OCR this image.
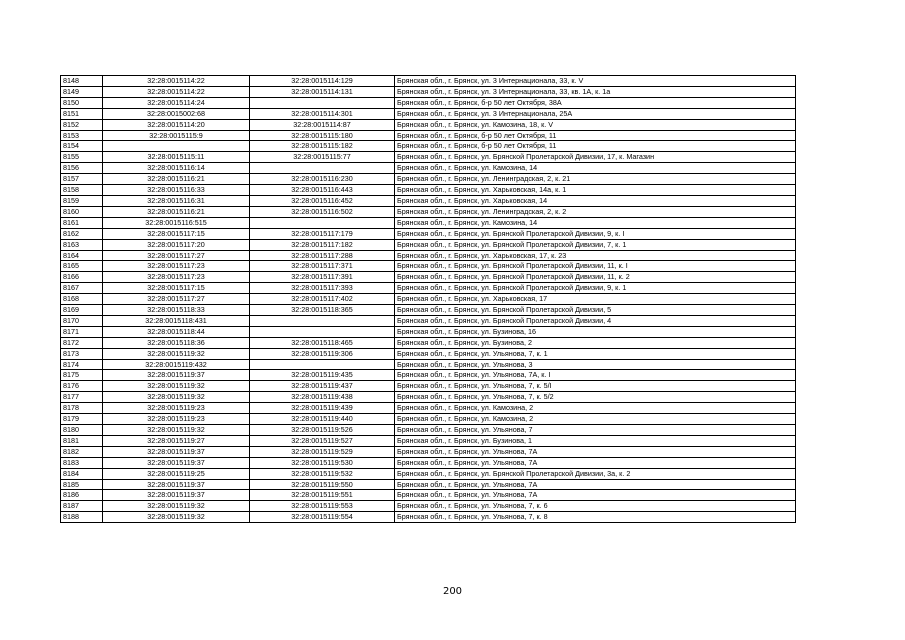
8148	32:28:0015114:22	32:28:0015114:129	Брянская обл., г. Брянск, ул. 3 Интернационала, 33, к. V
8149	32:28:0015114:22	32:28:0015114:131	Брянская обл., г. Брянск, ул. 3 Интернационала, 33, кв. 1А, к. 1а
8150	32:28:0015114:24		Брянская обл., г. Брянск, б-р 50 лет Октября, 38А
8151	32:28:0015002:68	32:28:0015114:301	Брянская обл., г. Брянск, ул. 3 Интернационала, 25А
8152	32:28:0015114:20	32:28:0015114:87	Брянская обл., г. Брянск, ул. Камозина, 18, к. V
8153	32:28:0015115:9	32:28:0015115:180	Брянская обл., г. Брянск, б-р 50 лет Октября, 11
8154		32:28:0015115:182	Брянская обл., г. Брянск, б-р 50 лет Октября, 11
8155	32:28:0015115:11	32:28:0015115:77	Брянская обл., г. Брянск, ул. Брянской Пролетарской Дивизии, 17, к. Магазин
8156	32:28:0015116:14		Брянская обл., г. Брянск, ул. Камозина, 14
8157	32:28:0015116:21	32:28:0015116:230	Брянская обл., г. Брянск, ул. Ленинградская, 2, к. 21
8158	32:28:0015116:33	32:28:0015116:443	Брянская обл., г. Брянск, ул. Харьковская, 14а, к. 1
8159	32:28:0015116:31	32:28:0015116:452	Брянская обл., г. Брянск, ул. Харьковская, 14
8160	32:28:0015116:21	32:28:0015116:502	Брянская обл., г. Брянск, ул. Ленинградская, 2, к. 2
8161	32:28:0015116:515		Брянская обл., г. Брянск, ул. Камозина, 14
8162	32:28:0015117:15	32:28:0015117:179	Брянская обл., г. Брянск, ул. Брянской Пролетарской Дивизии, 9, к. I
8163	32:28:0015117:20	32:28:0015117:182	Брянская обл., г. Брянск, ул. Брянской Пролетарской Дивизии, 7, к. 1
8164	32:28:0015117:27	32:28:0015117:288	Брянская обл., г. Брянск, ул. Харьковская, 17, к. 23
8165	32:28:0015117:23	32:28:0015117:371	Брянская обл., г. Брянск, ул. Брянской Пролетарской Дивизии, 11, к. I
8166	32:28:0015117:23	32:28:0015117:391	Брянская обл., г. Брянск, ул. Брянской Пролетарской Дивизии, 11, к. 2
8167	32:28:0015117:15	32:28:0015117:393	Брянская обл., г. Брянск, ул. Брянской Пролетарской Дивизии, 9, к. 1
8168	32:28:0015117:27	32:28:0015117:402	Брянская обл., г. Брянск, ул. Харьковская, 17
8169	32:28:0015118:33	32:28:0015118:365	Брянская обл., г. Брянск, ул. Брянской Пролетарской Дивизии, 5
8170	32:28:0015118:431		Брянская обл., г. Брянск, ул. Брянской Пролетарской Дивизии, 4
8171	32:28:0015118:44		Брянская обл., г. Брянск, ул. Бузинова, 16
8172	32:28:0015118:36	32:28:0015118:465	Брянская обл., г. Брянск, ул. Бузинова, 2
8173	32:28:0015119:32	32:28:0015119:306	Брянская обл., г. Брянск, ул. Ульянова, 7, к. 1
8174	32:28:0015119:432		Брянская обл., г. Брянск, ул. Ульянова, 3
8175	32:28:0015119:37	32:28:0015119:435	Брянская обл., г. Брянск, ул. Ульянова, 7А, к. I
8176	32:28:0015119:32	32:28:0015119:437	Брянская обл., г. Брянск, ул. Ульянова, 7, к. 5/I
8177	32:28:0015119:32	32:28:0015119:438	Брянская обл., г. Брянск, ул. Ульянова, 7, к. 5/2
8178	32:28:0015119:23	32:28:0015119:439	Брянская обл., г. Брянск, ул. Камозина, 2
8179	32:28:0015119:23	32:28:0015119:440	Брянская обл., г. Брянск, ул. Камозина, 2
8180	32:28:0015119:32	32:28:0015119:526	Брянская обл., г. Брянск, ул. Ульянова, 7
8181	32:28:0015119:27	32:28:0015119:527	Брянская обл., г. Брянск, ул. Бузинова, 1
8182	32:28:0015119:37	32:28:0015119:529	Брянская обл., г. Брянск, ул. Ульянова, 7А
8183	32:28:0015119:37	32:28:0015119:530	Брянская обл., г. Брянск, ул. Ульянова, 7А
8184	32:28:0015119:25	32:28:0015119:532	Брянская обл., г. Брянск, ул. Брянской Пролетарской Дивизии, 3а, к. 2
8185	32:28:0015119:37	32:28:0015119:550	Брянская обл., г. Брянск, ул. Ульянова, 7А
8186	32:28:0015119:37	32:28:0015119:551	Брянская обл., г. Брянск, ул. Ульянова, 7А
8187	32:28:0015119:32	32:28:0015119:553	Брянская обл., г. Брянск, ул. Ульянова, 7, к. 6
8188	32:28:0015119:32	32:28:0015119:554	Брянская обл., г. Брянск, ул. Ульянова, 7, к. 8
200
